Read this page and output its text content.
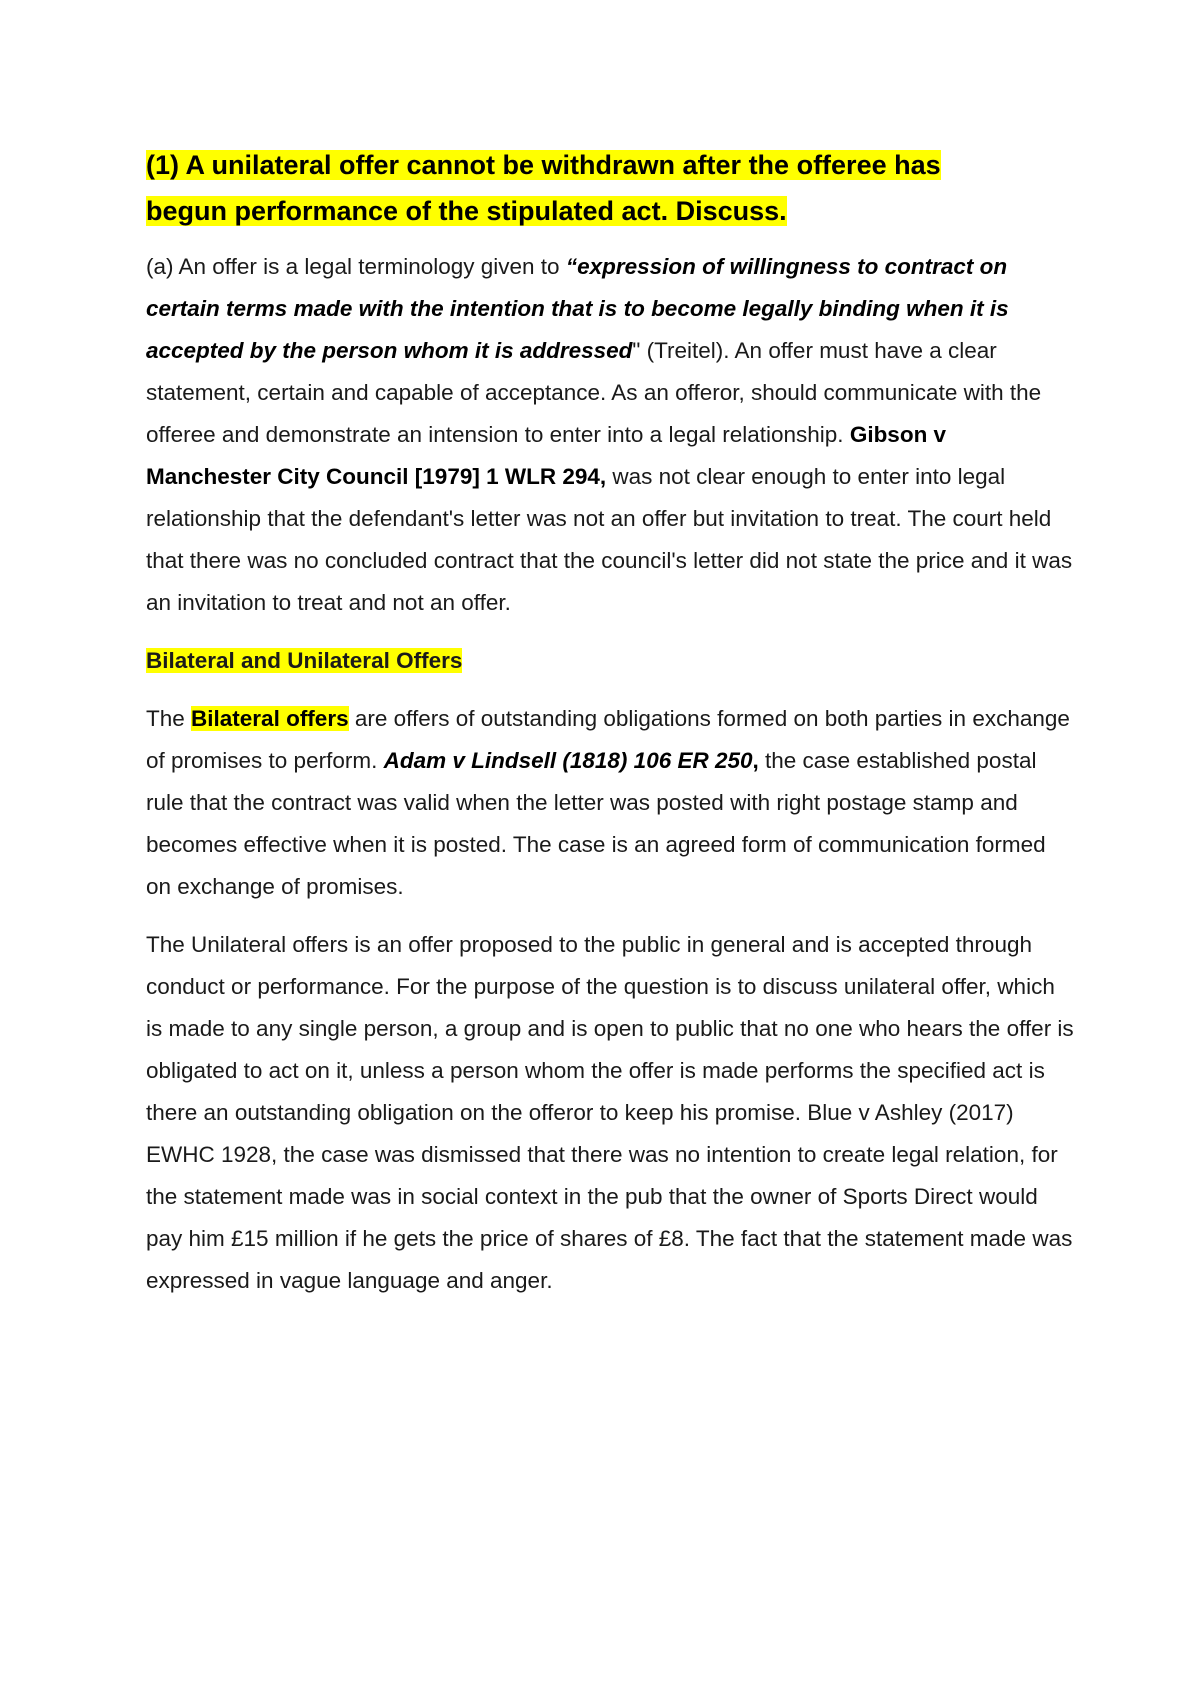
(1) A unilateral offer cannot be withdrawn after the offeree has
begun performance of the stipulated act. Discuss.

(a) An offer is a legal terminology given to “expression of willingness to contract on certain terms made with the intention that is to become legally binding when it is accepted by the person whom it is addressed" (Treitel). An offer must have a clear statement, certain and capable of acceptance. As an offeror, should communicate with the offeree and demonstrate an intension to enter into a legal relationship. Gibson v Manchester City Council [1979] 1 WLR 294, was not clear enough to enter into legal relationship that the defendant's letter was not an offer but invitation to treat. The court held that there was no concluded contract that the council's letter did not state the price and it was an invitation to treat and not an offer.

Bilateral and Unilateral Offers

The Bilateral offers are offers of outstanding obligations formed on both parties in exchange of promises to perform. Adam v Lindsell (1818) 106 ER 250, the case established postal rule that the contract was valid when the letter was posted with right postage stamp and becomes effective when it is posted. The case is an agreed form of communication formed on exchange of promises.

The Unilateral offers is an offer proposed to the public in general and is accepted through conduct or performance. For the purpose of the question is to discuss unilateral offer, which is made to any single person, a group and is open to public that no one who hears the offer is obligated to act on it, unless a person whom the offer is made performs the specified act is there an outstanding obligation on the offeror to keep his promise. Blue v Ashley (2017) EWHC 1928, the case was dismissed that there was no intention to create legal relation, for the statement made was in social context in the pub that the owner of Sports Direct would pay him £15 million if he gets the price of shares of £8. The fact that the statement made was expressed in vague language and anger.
